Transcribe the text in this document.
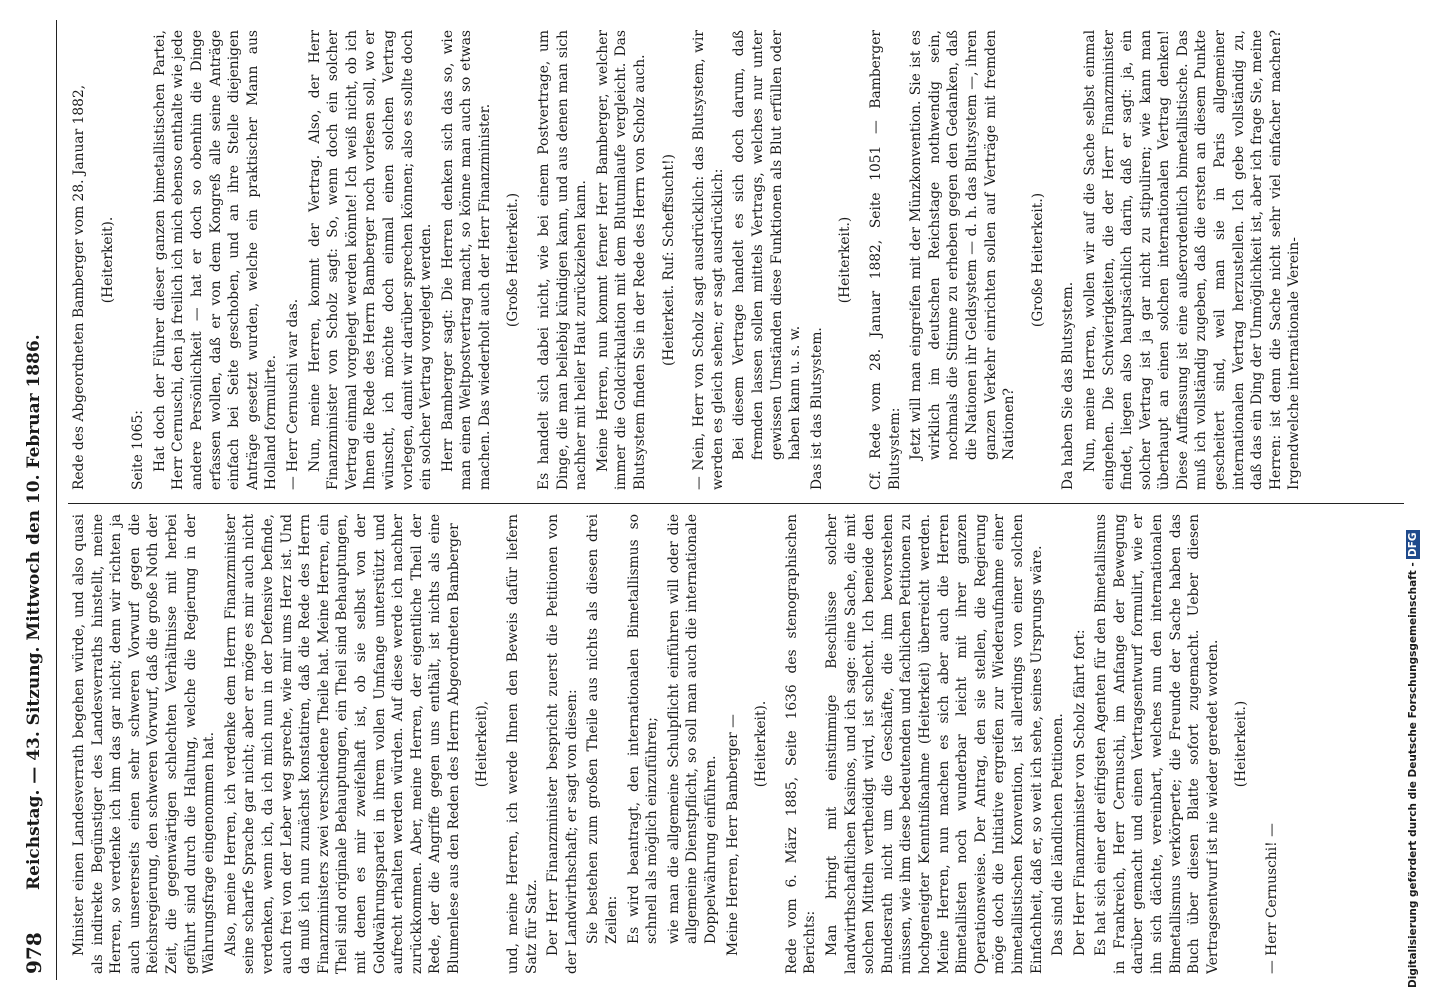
978
Reichstag. — 43. Sitzung. Mittwoch den 10. Februar 1886. Minister einen Landesverrath begehen würde, und also quasi als indirekte Begünstiger des Landesverraths hinstellt, meine Herren, so verdenke ich ihm das gar nicht; denn wir richten ja auch unsererseits einen sehr schweren Vorwurf gegen die Reichsregierung, den schweren Vorwurf, daß die große Noth der Zeit, die gegenwärtigen schlechten Verhältnisse mit herbei geführt sind durch die Haltung, welche die Regierung in der Währungsfrage eingenommen hat. Also, meine Herren, ich verdenke dem Herrn Finanzminister seine scharfe Sprache gar nicht; aber er möge es mir auch nicht verdenken, wenn ich, da ich mich nun in der Defensive befinde, auch frei von der Leber weg spreche, wie mir ums Herz ist. Und da muß ich nun zunächst konstatiren, daß die Rede des Herrn Finanzministers zwei verschiedene Theile hat. Meine Herren, ein Theil sind originale Behauptungen, ein Theil sind Behauptungen, mit denen es mir zweifelhaft ist, ob sie selbst von der Goldwährungspartei in ihrem vollen Umfange unterstützt und aufrecht erhalten werden würden. Auf diese werde ich nachher zurückkommen. Aber, meine Herren, der eigentliche Theil der Rede, der die Angriffe gegen uns enthält, ist nichts als eine Blumenlese aus den Reden des Herrn Abgeordneten Bamberger (Heiterkeit), und, meine Herren, ich werde Ihnen den Beweis dafür liefern Satz für Satz. Der Herr Finanzminister bespricht zuerst die Petitionen von der Landwirthschaft; er sagt von diesen: Sie bestehen zum großen Theile aus nichts als diesen drei Zeilen: Es wird beantragt, den internationalen Bimetallismus so schnell als möglich einzuführen; wie man die allgemeine Schulpflicht einführen will oder die allgemeine Dienstpflicht, so soll man auch die internationale Doppelwährung einführen. Meine Herren, Herr Bamberger — (Heiterkeit). Rede vom 6. März 1885, Seite 1636 des stenographischen Berichts: Man bringt mit einstimmige Beschlüsse solcher landwirthschaftlichen Kasinos, und ich sage: eine Sache, die mit solchen Mitteln vertheidigt wird, ist schlecht. Ich beneide den Bundesrath nicht um die Geschäfte, die ihm bevorstehen müssen, wie ihm diese bedeutenden und fachlichen Petitionen zu hochgeneigter Kenntnißnahme (Heiterkeit) überreicht werden. Meine Herren, nun machen es sich aber auch die Herren Bimetallisten noch wunderbar leicht mit ihrer ganzen Operationsweise. Der Antrag, den sie stellen, die Regierung möge doch die Initiative ergreifen zur Wiederaufnahme einer bimetallistischen Konvention, ist allerdings von einer solchen Einfachheit, daß er, so weit ich sehe, seines Ursprungs wäre. Das sind die ländlichen Petitionen. Der Herr Finanzminister von Scholz fährt fort: Es hat sich einer der eifrigsten Agenten für den Bimetallismus in Frankreich, Herr Cernuschi, im Anfange der Bewegung darüber gemacht und einen Vertragsentwurf formulirt, wie er ihn sich dächte, vereinbart, welches nun den internationalen Bimetallismus verkörperte; die Freunde der Sache haben das Buch über diesen Blatte sofort zugemacht. Ueber diesen Vertragsentwurf ist nie wieder geredet worden. (Heiterkeit.)

— Herr Cernuschi! —

Rede des Abgeordneten Bamberger vom 28. Januar 1882, (Heiterkeit).

Seite 1065: Hat doch der Führer dieser ganzen bimetallistischen Partei, Herr Cernuschi, den ja freilich ich mich ebenso enthalte wie jede andere Persönlichkeit — hat er doch so obenhin die Dinge erfassen wollen, daß er von dem Kongreß alle seine Anträge einfach bei Seite geschoben, und an ihre Stelle diejenigen Anträge gesetzt wurden, welche ein praktischer Mann aus Holland formulirte. — Herr Cernuschi war das. Nun, meine Herren, kommt der Vertrag. Also, der Herr Finanzminister von Scholz sagt: So, wenn doch ein solcher Vertrag einmal vorgelegt werden könnte! Ich weiß nicht, ob ich Ihnen die Rede des Herrn Bamberger noch vorlesen soll, wo er wünscht, ich möchte doch einmal einen solchen Vertrag vorlegen, damit wir darüber sprechen können; also es sollte doch ein solcher Vertrag vorgelegt werden. Herr Bamberger sagt: Die Herren denken sich das so, wie man einen Weltpostvertrag macht, so könne man auch so etwas machen. Das wiederholt auch der Herr Finanzminister. (Große Heiterkeit.) Es handelt sich dabei nicht, wie bei einem Postvertrage, um Dinge, die man beliebig kündigen kann, und aus denen man sich nachher mit heiler Haut zurückziehen kann. Meine Herren, nun kommt ferner Herr Bamberger, welcher immer die Goldcirkulation mit dem Blutumlaufe vergleicht. Das Blutsystem finden Sie in der Rede des Herrn von Scholz auch. (Heiterkeit. Ruf: Scheffsucht!) — Nein, Herr von Scholz sagt ausdrücklich: das Blutsystem, wir werden es gleich sehen; er sagt ausdrücklich: Bei diesem Vertrage handelt es sich doch darum, daß fremden lassen sollen mittels Vertrags, welches nur unter gewissen Umständen diese Funktionen als Blut erfüllen oder haben kann u. s. w. Das ist das Blutsystem.

(Heiterkeit.) Cf. Rede vom 28. Januar 1882, Seite 1051 — Bamberger Blutsystem: Jetzt will man eingreifen mit der Münzkonvention. Sie ist es wirklich im deutschen Reichstage nothwendig sein, nochmals die Stimme zu erheben gegen den Gedanken, daß die Nationen ihr Geldsystem — d. h. das Blutsystem —, ihren ganzen Verkehr einrichten sollen auf Verträge mit fremden Nationen?

(Große Heiterkeit.)

Da haben Sie das Blutsystem. Nun, meine Herren, wollen wir auf die Sache selbst einmal eingehen. Die Schwierigkeiten, die der Herr Finanzminister findet, liegen also hauptsächlich darin, daß er sagt: ja, ein solcher Vertrag ist ja gar nicht zu stipuliren; wie kann man überhaupt an einen solchen internationalen Vertrag denken! Diese Auffassung ist eine außerordentlich bimetallistische. Das muß ich vollständig zugeben, daß die ersten an diesem Punkte gescheitert sind, weil man sie in Paris allgemeiner internationalen Vertrag herzustellen. Ich gebe vollständig zu, daß das ein Ding der Unmöglichkeit ist, aber ich frage Sie, meine Herren: ist denn die Sache nicht sehr viel einfacher machen? Irgendwelche internationale Verein-

Digitalisierung gefördert durch die Deutsche Forschungsgemeinschaft - DFG
